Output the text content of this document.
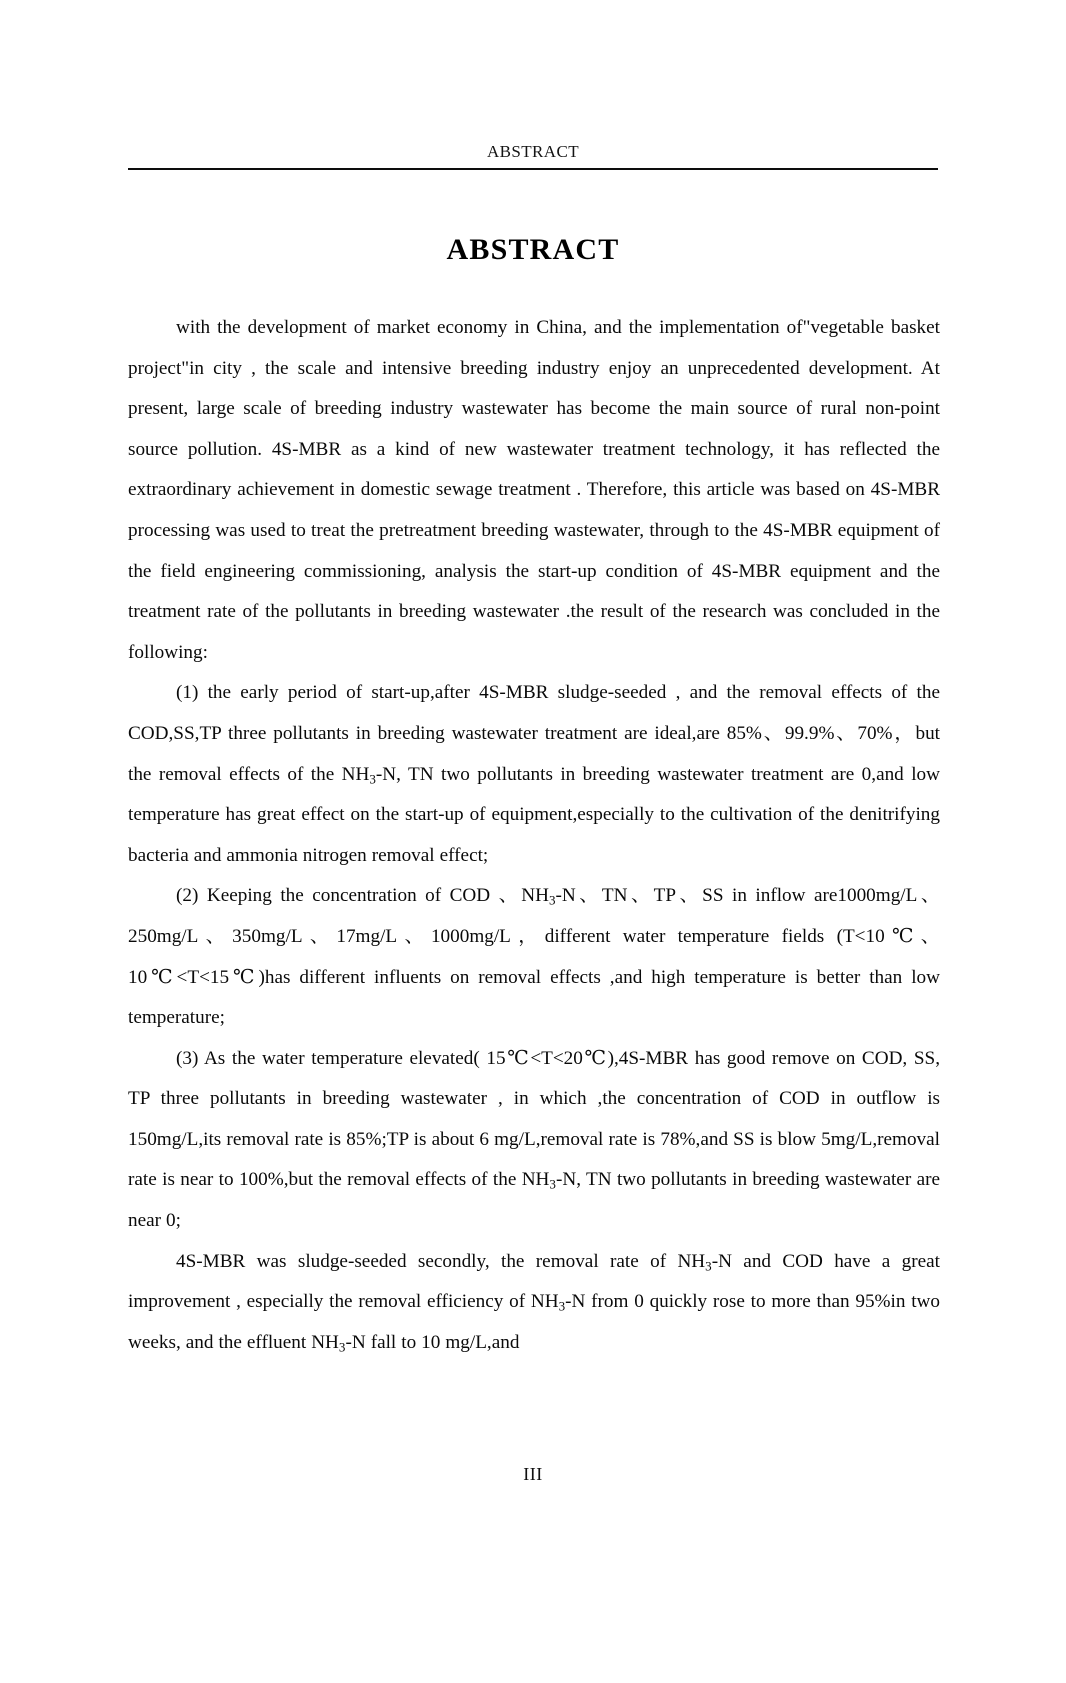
ABSTRACT
ABSTRACT

with the development of market economy in China, and the implementation of"vegetable basket project"in city , the scale and intensive breeding industry enjoy an unprecedented development. At present, large scale of breeding industry wastewater has become the main source of rural non-point source pollution. 4S-MBR as a kind of new wastewater treatment technology, it has reflected the extraordinary achievement in domestic sewage treatment . Therefore, this article was based on 4S-MBR processing was used to treat the pretreatment breeding wastewater, through to the 4S-MBR equipment of the field engineering commissioning, analysis the start-up condition of 4S-MBR equipment and the treatment rate of the pollutants in breeding wastewater .the result of the research was concluded in the following:

(1) the early period of start-up,after 4S-MBR sludge-seeded , and the removal effects of the COD,SS,TP three pollutants in breeding wastewater treatment are ideal,are 85%、99.9%、70%，but the removal effects of the $NH_3-N$, TN two pollutants in breeding wastewater treatment are 0,and low temperature has great effect on the start-up of equipment,especially to the cultivation of the denitrifying bacteria and ammonia nitrogen removal effect;

(2) Keeping the concentration of COD 、$NH_3-N$、TN、TP、SS in inflow are1000mg/L、250mg/L、350mg/L、17mg/L、1000mg/L，different water temperature fields (T<10℃、10℃<T<15℃)has different influents on removal effects ,and high temperature is better than low temperature;

(3) As the water temperature elevated( 15℃<T<20℃),4S-MBR has good remove on COD, SS, TP three pollutants in breeding wastewater , in which ,the concentration of COD in outflow is 150mg/L,its removal rate is 85%;TP is about 6 mg/L,removal rate is 78%,and SS is blow 5mg/L,removal rate is near to 100%,but the removal effects of the $NH_3-N$, TN two pollutants in breeding wastewater are near 0;

4S-MBR was sludge-seeded secondly, the removal rate of $NH_3-N$ and COD have a great improvement , especially the removal efficiency of $NH_3-N$ from 0 quickly rose to more than 95%in two weeks, and the effluent $NH_3-N$ fall to 10 mg/L,and

III
